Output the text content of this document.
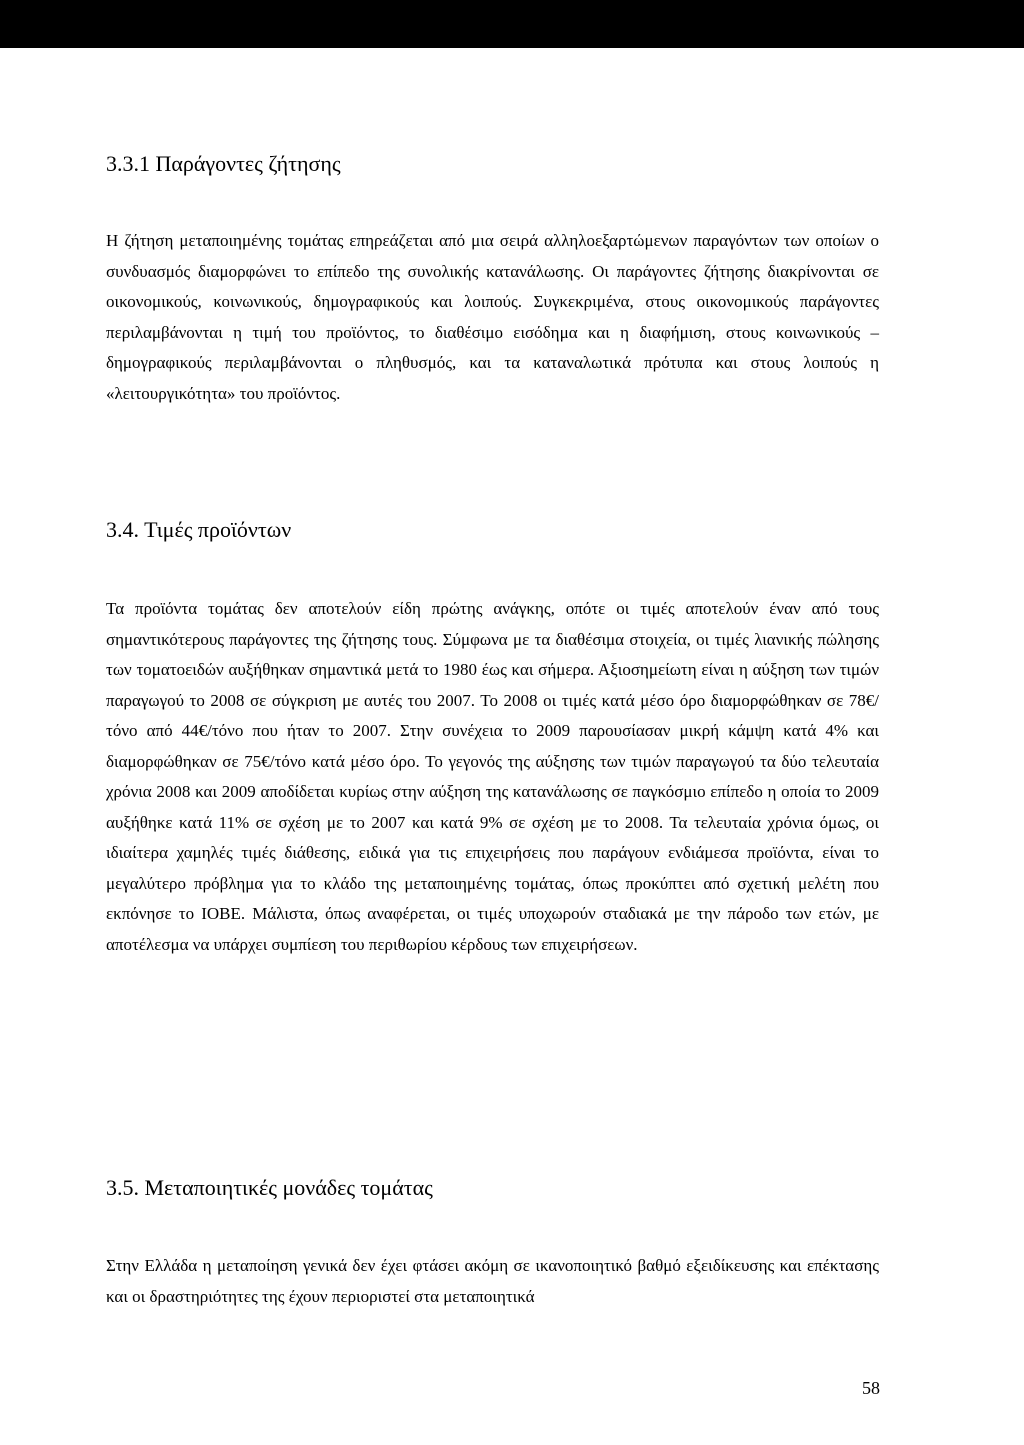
3.3.1 Παράγοντες ζήτησης

Η ζήτηση μεταποιημένης τομάτας επηρεάζεται από μια σειρά αλληλοεξαρτώμενων παραγόντων των οποίων ο συνδυασμός διαμορφώνει το επίπεδο της συνολικής κατανάλωσης. Οι παράγοντες ζήτησης διακρίνονται σε οικονομικούς, κοινωνικούς, δημογραφικούς και λοιπούς. Συγκεκριμένα, στους οικονομικούς παράγοντες περιλαμβάνονται η τιμή του προϊόντος, το διαθέσιμο εισόδημα και η διαφήμιση, στους κοινωνικούς – δημογραφικούς περιλαμβάνονται ο πληθυσμός, και τα καταναλωτικά πρότυπα και στους λοιπούς η «λειτουργικότητα» του προϊόντος.

3.4. Τιμές προϊόντων

Τα προϊόντα τομάτας δεν αποτελούν είδη πρώτης ανάγκης, οπότε οι τιμές αποτελούν έναν από τους σημαντικότερους παράγοντες της ζήτησης τους. Σύμφωνα με τα διαθέσιμα στοιχεία, οι τιμές λιανικής πώλησης των τοματοειδών αυξήθηκαν σημαντικά μετά το 1980 έως και σήμερα. Αξιοσημείωτη είναι η αύξηση των τιμών παραγωγού το 2008 σε σύγκριση με αυτές του 2007. Το 2008 οι τιμές κατά μέσο όρο διαμορφώθηκαν σε 78€/τόνο από 44€/τόνο που ήταν το 2007. Στην συνέχεια το 2009 παρουσίασαν μικρή κάμψη κατά 4% και διαμορφώθηκαν σε 75€/τόνο κατά μέσο όρο. Το γεγονός της αύξησης των τιμών παραγωγού τα δύο τελευταία χρόνια 2008 και 2009 αποδίδεται κυρίως στην αύξηση της κατανάλωσης σε παγκόσμιο επίπεδο η οποία το 2009 αυξήθηκε κατά 11% σε σχέση με το 2007 και κατά 9% σε σχέση με το 2008. Τα τελευταία χρόνια όμως, οι ιδιαίτερα χαμηλές τιμές διάθεσης, ειδικά για τις επιχειρήσεις που παράγουν ενδιάμεσα προϊόντα, είναι το μεγαλύτερο πρόβλημα για το κλάδο της μεταποιημένης τομάτας, όπως προκύπτει από σχετική μελέτη που εκπόνησε το ΙΟΒΕ. Μάλιστα, όπως αναφέρεται, οι τιμές υποχωρούν σταδιακά με την πάροδο των ετών, με αποτέλεσμα να υπάρχει συμπίεση του περιθωρίου κέρδους των επιχειρήσεων.

3.5. Μεταποιητικές μονάδες τομάτας

Στην Ελλάδα η μεταποίηση γενικά δεν έχει φτάσει ακόμη σε ικανοποιητικό βαθμό εξειδίκευσης και επέκτασης και οι δραστηριότητες της έχουν περιοριστεί στα μεταποιητικά

58
